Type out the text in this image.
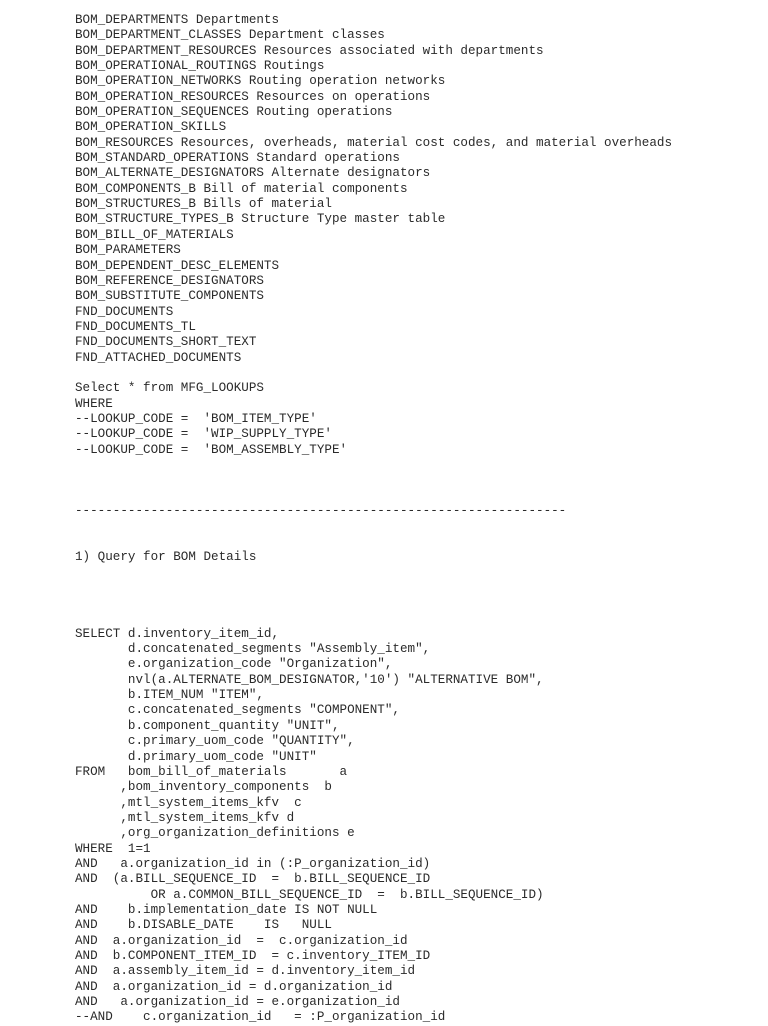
BOM_DEPARTMENTS Departments
BOM_DEPARTMENT_CLASSES Department classes
BOM_DEPARTMENT_RESOURCES Resources associated with departments
BOM_OPERATIONAL_ROUTINGS Routings
BOM_OPERATION_NETWORKS Routing operation networks
BOM_OPERATION_RESOURCES Resources on operations
BOM_OPERATION_SEQUENCES Routing operations
BOM_OPERATION_SKILLS
BOM_RESOURCES Resources, overheads, material cost codes, and material overheads
BOM_STANDARD_OPERATIONS Standard operations
BOM_ALTERNATE_DESIGNATORS Alternate designators
BOM_COMPONENTS_B Bill of material components
BOM_STRUCTURES_B Bills of material
BOM_STRUCTURE_TYPES_B Structure Type master table
BOM_BILL_OF_MATERIALS
BOM_PARAMETERS
BOM_DEPENDENT_DESC_ELEMENTS
BOM_REFERENCE_DESIGNATORS
BOM_SUBSTITUTE_COMPONENTS
FND_DOCUMENTS
FND_DOCUMENTS_TL
FND_DOCUMENTS_SHORT_TEXT
FND_ATTACHED_DOCUMENTS
Select * from MFG_LOOKUPS
WHERE
--LOOKUP_CODE =  'BOM_ITEM_TYPE'
--LOOKUP_CODE =  'WIP_SUPPLY_TYPE'
--LOOKUP_CODE =  'BOM_ASSEMBLY_TYPE'

-----------------------------------------------------------------

1) Query for BOM Details

SELECT d.inventory_item_id,
d.concatenated_segments "Assembly_item",
e.organization_code "Organization",
nvl(a.ALTERNATE_BOM_DESIGNATOR,'10') "ALTERNATIVE BOM",
b.ITEM_NUM "ITEM",
c.concatenated_segments "COMPONENT",
b.component_quantity "UNIT",
c.primary_uom_code "QUANTITY",
d.primary_uom_code "UNIT"
FROM   bom_bill_of_materials       a
,bom_inventory_components  b
,mtl_system_items_kfv  c
,mtl_system_items_kfv d
,org_organization_definitions e
WHERE  1=1
AND   a.organization_id in (:P_organization_id)
AND  (a.BILL_SEQUENCE_ID  =  b.BILL_SEQUENCE_ID
OR a.COMMON_BILL_SEQUENCE_ID  =  b.BILL_SEQUENCE_ID)
AND    b.implementation_date IS NOT NULL
AND    b.DISABLE_DATE    IS   NULL
AND  a.organization_id  =  c.organization_id
AND  b.COMPONENT_ITEM_ID  = c.inventory_ITEM_ID
AND  a.assembly_item_id = d.inventory_item_id
AND  a.organization_id = d.organization_id
AND   a.organization_id = e.organization_id
--AND    c.organization_id   = :P_organization_id
